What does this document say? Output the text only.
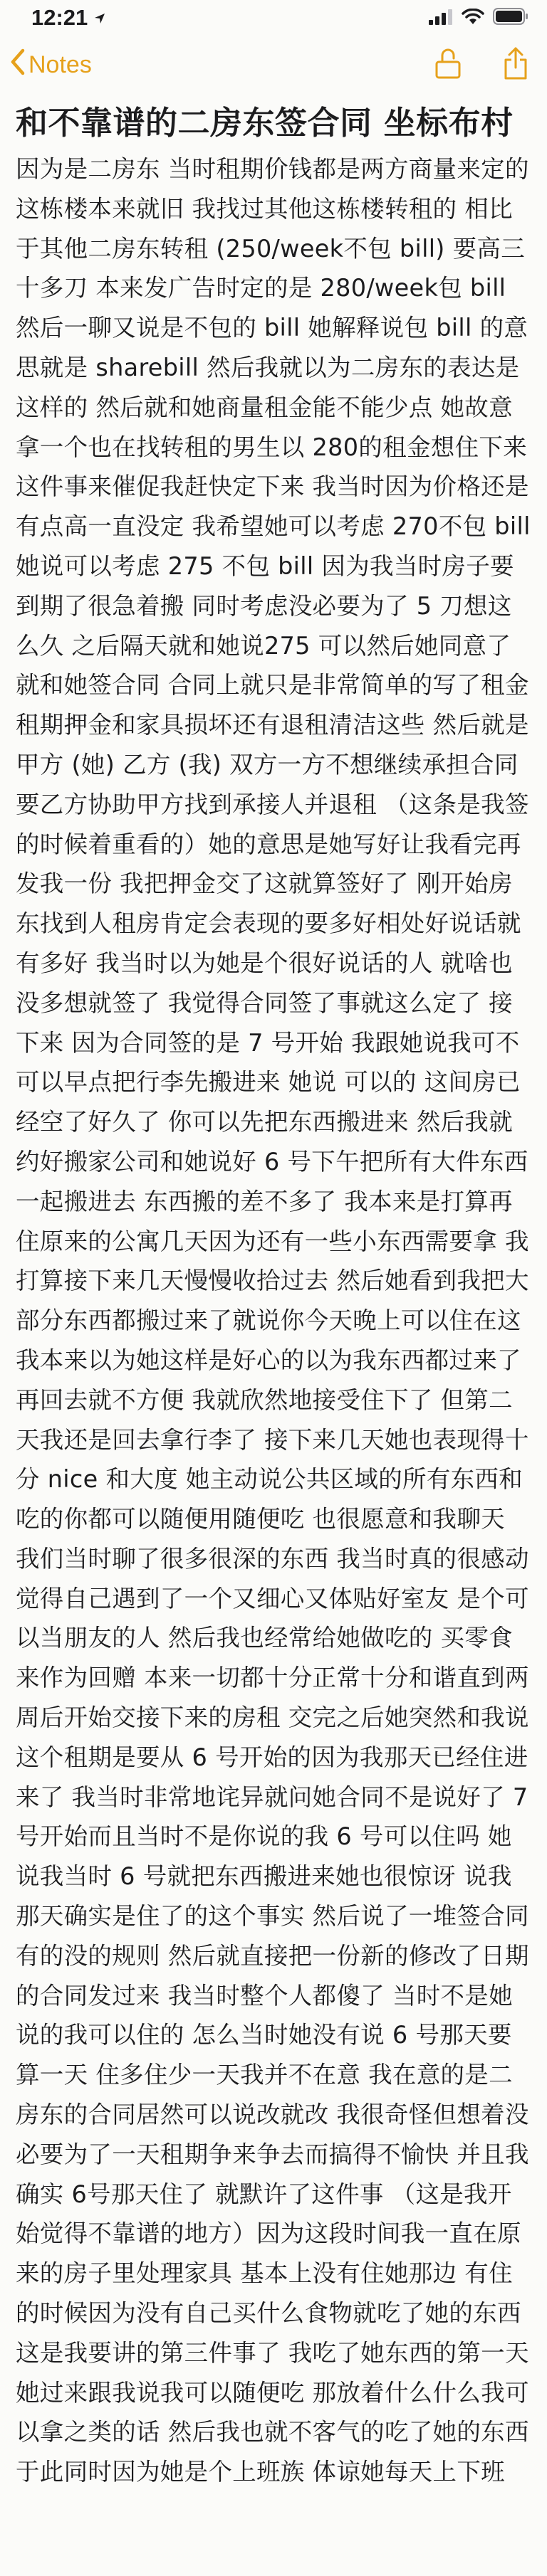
12:21
Notes
和不靠谱的二房东签合同 坐标布村
因为是二房东 当时租期价钱都是两方商量来定的 这栋楼本来就旧 我找过其他这栋楼转租的 相比于其他二房东转租 (250/week不包 bill) 要高三十多刀 本来发广告时定的是 280/week包 bill 然后一聊又说是不包的 bill 她解释说包 bill 的意思就是 sharebill 然后我就以为二房东的表达是这样的 然后就和她商量租金能不能少点 她故意拿一个也在找转租的男生以 280的租金想住下来这件事来催促我赶快定下来 我当时因为价格还是有点高一直没定 我希望她可以考虑 270不包 bill 她说可以考虑 275 不包 bill 因为我当时房子要到期了很急着搬 同时考虑没必要为了 5 刀想这么久 之后隔天就和她说275 可以然后她同意了就和她签合同 合同上就只是非常简单的写了租金租期押金和家具损坏还有退租清洁这些 然后就是甲方 (她) 乙方 (我) 双方一方不想继续承担合同要乙方协助甲方找到承接人并退租 （这条是我签的时候着重看的）她的意思是她写好让我看完再发我一份 我把押金交了这就算签好了 刚开始房东找到人租房肯定会表现的要多好相处好说话就有多好 我当时以为她是个很好说话的人 就啥也没多想就签了 我觉得合同签了事就这么定了 接下来 因为合同签的是 7 号开始 我跟她说我可不可以早点把行李先搬进来 她说 可以的 这间房已经空了好久了 你可以先把东西搬进来 然后我就约好搬家公司和她说好 6 号下午把所有大件东西一起搬进去 东西搬的差不多了 我本来是打算再住原来的公寓几天因为还有一些小东西需要拿 我打算接下来几天慢慢收拾过去 然后她看到我把大部分东西都搬过来了就说你今天晚上可以住在这 我本来以为她这样是好心的以为我东西都过来了再回去就不方便 我就欣然地接受住下了 但第二天我还是回去拿行李了 接下来几天她也表现得十分 nice 和大度 她主动说公共区域的所有东西和吃的你都可以随便用随便吃 也很愿意和我聊天 我们当时聊了很多很深的东西 我当时真的很感动 觉得自己遇到了一个又细心又体贴好室友 是个可以当朋友的人 然后我也经常给她做吃的 买零食来作为回赠 本来一切都十分正常十分和谐直到两周后开始交接下来的房租 交完之后她突然和我说这个租期是要从 6 号开始的因为我那天已经住进来了 我当时非常地诧异就问她合同不是说好了 7 号开始而且当时不是你说的我 6 号可以住吗 她说我当时 6 号就把东西搬进来她也很惊讶 说我那天确实是住了的这个事实 然后说了一堆签合同有的没的规则 然后就直接把一份新的修改了日期的合同发过来 我当时整个人都傻了 当时不是她说的我可以住的 怎么当时她没有说 6 号那天要算一天 住多住少一天我并不在意 我在意的是二房东的合同居然可以说改就改 我很奇怪但想着没必要为了一天租期争来争去而搞得不愉快 并且我确实 6号那天住了 就默许了这件事 （这是我开始觉得不靠谱的地方）因为这段时间我一直在原来的房子里处理家具 基本上没有住她那边 有住的时候因为没有自己买什么食物就吃了她的东西 这是我要讲的第三件事了 我吃了她东西的第一天 她过来跟我说我可以随便吃 那放着什么什么我可以拿之类的话 然后我也就不客气的吃了她的东西 于此同时因为她是个上班族 体谅她每天上下班
